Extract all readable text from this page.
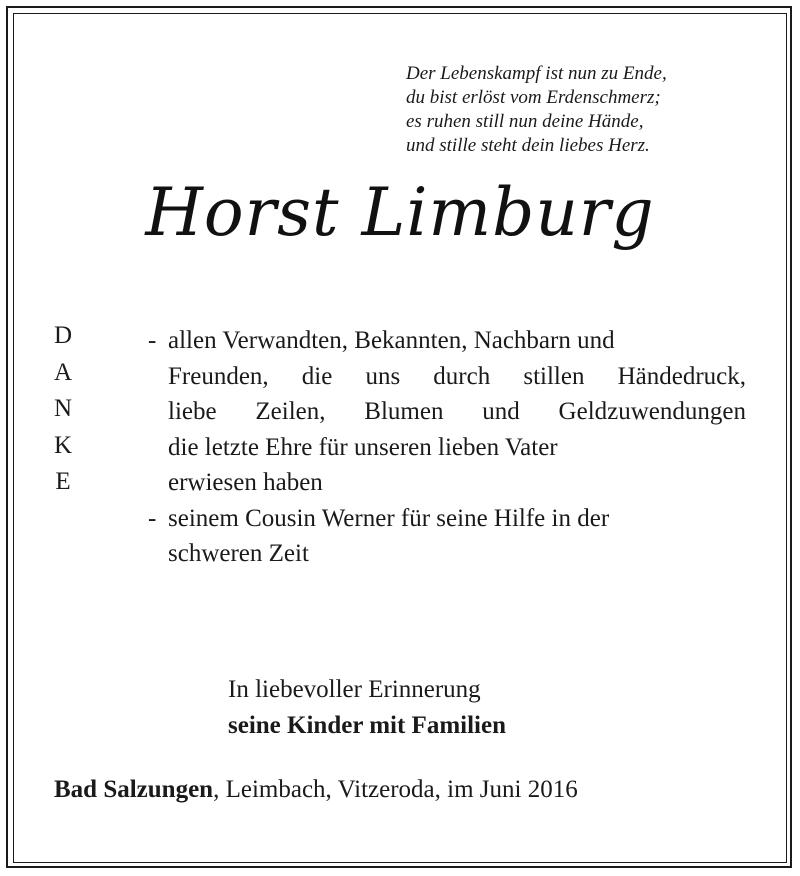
Der Lebenskampf ist nun zu Ende,
du bist erlöst vom Erdenschmerz;
es ruhen still nun deine Hände,
und stille steht dein liebes Herz.
Horst Limburg
D
A
N
K
E
- allen Verwandten, Bekannten, Nachbarn und
Freunden, die uns durch stillen Händedruck,
liebe Zeilen, Blumen und Geldzuwendungen
die letzte Ehre für unseren lieben Vater
erwiesen haben
- seinem Cousin Werner für seine Hilfe in der
schweren Zeit
In liebevoller Erinnerung
seine Kinder mit Familien
Bad Salzungen, Leimbach, Vitzeroda, im Juni 2016
